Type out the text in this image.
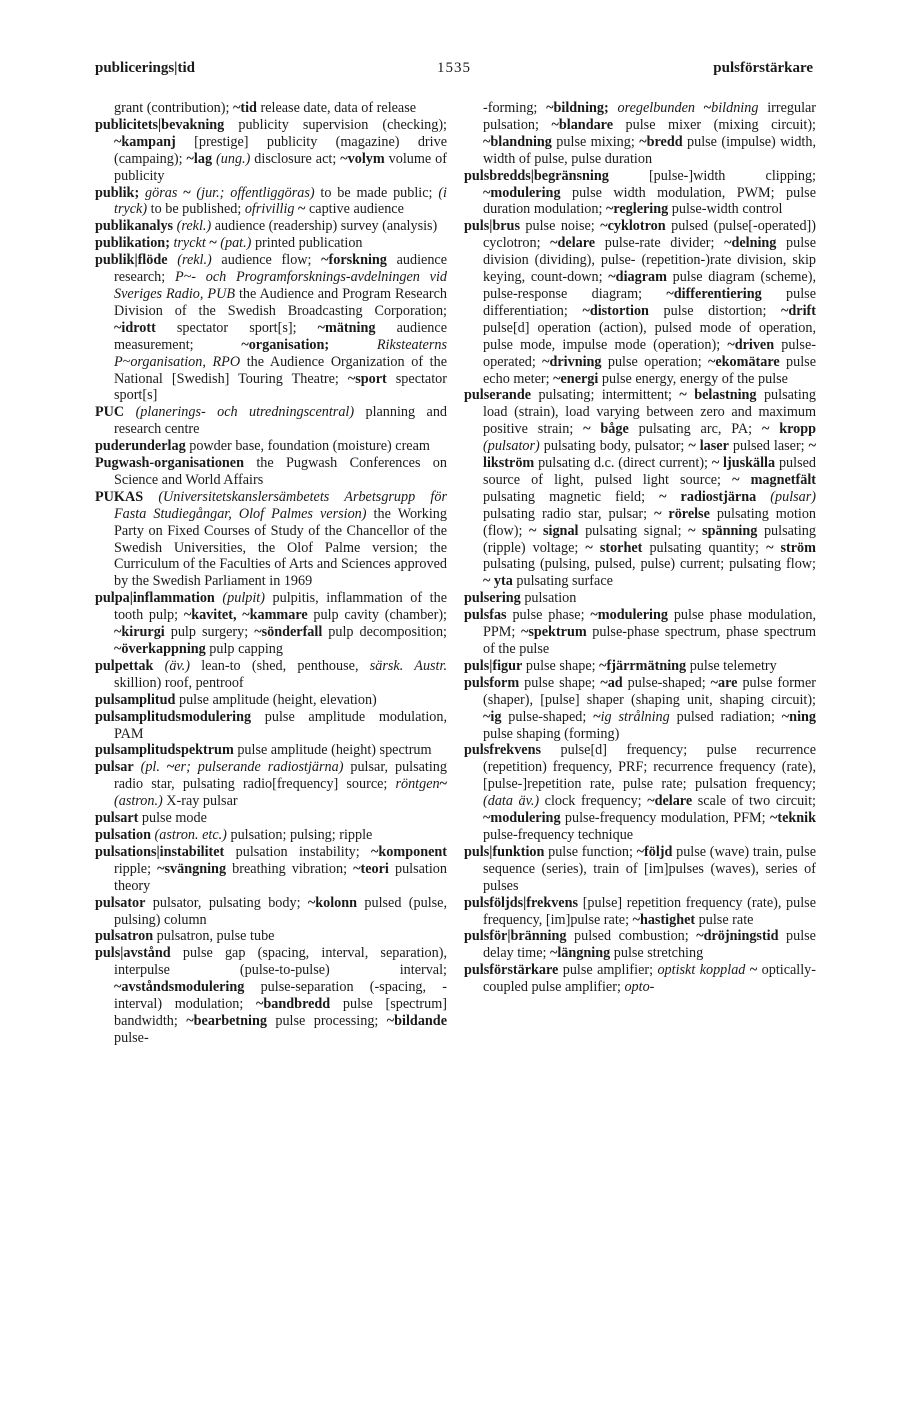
publicerings|tid	1535	pulsförstärkare

grant (contribution); ~tid release date, data of release

publicitets|bevakning publicity supervision (checking); ~kampanj [prestige] publicity (magazine) drive (campaing); ~lag (ung.) disclosure act; ~volym volume of publicity

publik; göras ~ (jur.; offentliggöras) to be made public; (i tryck) to be published; ofrivillig ~ captive audience

publikanalys (rekl.) audience (readership) survey (analysis)

publikation; tryckt ~ (pat.) printed publication

publik|flöde (rekl.) audience flow; ~forskning audience research; P~- och Programforsknings-avdelningen vid Sveriges Radio, PUB the Audience and Program Research Division of the Swedish Broadcasting Corporation; ~idrott spectator sport[s]; ~mätning audience measurement; ~organisation;	Riksteaterns P~organisation, RPO the Audience Organization of the National [Swedish] Touring Theatre; ~sport spectator sport[s]

PUC (planerings- och utredningscentral) planning and research centre

puderunderlag powder base, foundation (moisture) cream

Pugwash-organisationen the Pugwash Conferences on Science and World Affairs

PUKAS (Universitetskanslersämbetets Arbetsgrupp för Fasta Studiegångar, Olof Palmes version) the Working Party on Fixed Courses of Study of the Chancellor of the Swedish Universities, the Olof Palme version; the Curriculum of the Faculties of Arts and Sciences approved by the Swedish Parliament in 1969

pulpa|inflammation (pulpit) pulpitis, inflammation of the tooth pulp; ~kavitet, ~kammare pulp cavity (chamber); ~kirurgi pulp surgery; ~sönderfall pulp decomposition; ~överkappning pulp capping

pulpettak (äv.) lean-to (shed, penthouse, särsk. Austr. skillion) roof, pentroof

pulsamplitud pulse amplitude (height, elevation)

pulsamplitudsmodulering pulse amplitude modulation, PAM

pulsamplitudspektrum pulse amplitude (height) spectrum

pulsar (pl. ~er; pulserande radiostjärna) pulsar, pulsating radio star, pulsating radio[frequency] source; röntgen~ (astron.) X-ray pulsar

pulsart pulse mode

pulsation (astron. etc.) pulsation; pulsing; ripple

pulsations|instabilitet pulsation instability; ~komponent ripple; ~svängning breathing vibration; ~teori pulsation theory

pulsator pulsator, pulsating body; ~kolonn pulsed (pulse, pulsing) column

pulsatron pulsatron, pulse tube

puls|avstånd pulse gap (spacing, interval, separation), interpulse (pulse-to-pulse) interval; ~avståndsmodulering pulse-separation (-spacing, -interval) modulation; ~bandbredd pulse [spectrum] bandwidth; ~bearbetning pulse processing; ~bildande pulse-

-forming; ~bildning; oregelbunden ~bildning irregular pulsation; ~blandare pulse mixer (mixing circuit); ~blandning pulse mixing; ~bredd pulse (impulse) width, width of pulse, pulse duration

pulsbredds|begränsning [pulse-]width clipping; ~modulering pulse width modulation, PWM; pulse duration modulation; ~reglering pulse-width control

puls|brus pulse noise; ~cyklotron pulsed (pulse[-operated]) cyclotron; ~delare pulse-rate divider; ~delning pulse division (dividing), pulse- (repetition-)rate division, skip keying, count-down; ~diagram pulse diagram (scheme), pulse-response diagram; ~differentiering pulse differentiation; ~distortion pulse distortion; ~drift pulse[d] operation (action), pulsed mode of operation, pulse mode, impulse mode (operation); ~driven pulse-operated; ~drivning pulse operation; ~ekomätare pulse echo meter; ~energi pulse energy, energy of the pulse

pulserande pulsating; intermittent; ~ belastning pulsating load (strain), load varying between zero and maximum positive strain; ~ båge pulsating arc, PA; ~ kropp (pulsator) pulsating body, pulsator; ~ laser pulsed laser; ~ likström pulsating d.c. (direct current); ~ ljuskälla pulsed source of light, pulsed light source; ~ magnetfält pulsating magnetic field; ~ radiostjärna (pulsar) pulsating radio star, pulsar; ~ rörelse pulsating motion (flow); ~ signal pulsating signal; ~ spänning pulsating (ripple) voltage; ~ storhet pulsating quantity; ~ ström pulsating (pulsing, pulsed, pulse) current; pulsating flow; ~ yta pulsating surface

pulsering pulsation

pulsfas pulse phase; ~modulering pulse phase modulation, PPM; ~spektrum pulse-phase spectrum, phase spectrum of the pulse

puls|figur pulse shape; ~fjärrmätning pulse telemetry

pulsform pulse shape; ~ad pulse-shaped; ~are pulse former (shaper), [pulse] shaper (shaping unit, shaping circuit); ~ig pulse-shaped; ~ig strålning pulsed radiation; ~ning pulse shaping (forming)

pulsfrekvens pulse[d] frequency; pulse recurrence (repetition) frequency, PRF; recurrence frequency (rate), [pulse-]repetition rate, pulse rate; pulsation frequency; (data äv.) clock frequency; ~delare scale of two circuit; ~modulering pulse-frequency modulation, PFM; ~teknik pulse-frequency technique

puls|funktion pulse function; ~följd pulse (wave) train, pulse sequence (series), train of [im]pulses (waves), series of pulses

pulsföljds|frekvens [pulse] repetition frequency (rate), pulse frequency, [im]pulse rate; ~hastighet pulse rate

pulsför|bränning pulsed combustion; ~dröjningstid pulse delay time; ~längning pulse stretching

pulsförstärkare pulse amplifier; optiskt kopplad ~ optically-coupled pulse amplifier; opto-
